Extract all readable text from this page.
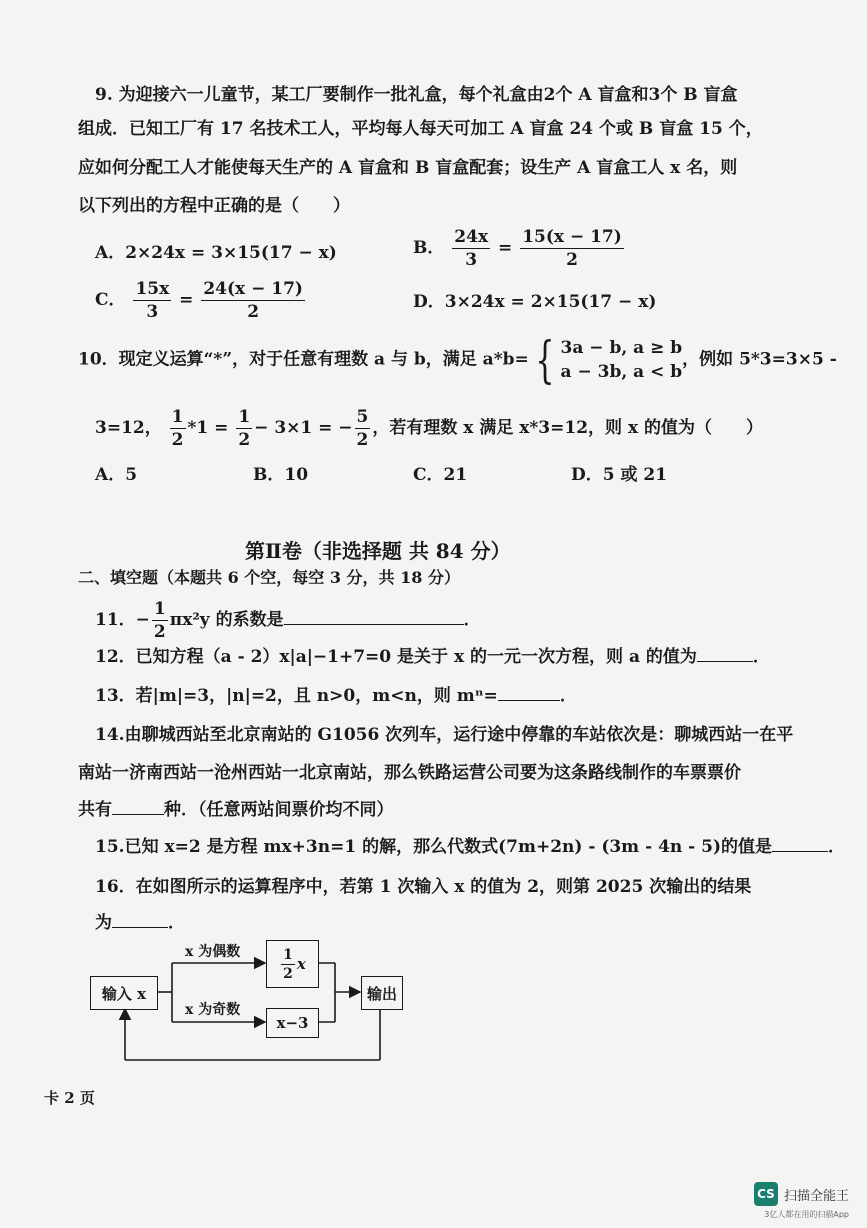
9. 为迎接六一儿童节，某工厂要制作一批礼盒，每个礼盒由2个 A 盲盒和3个 B 盲盒
组成．已知工厂有 17 名技术工人，平均每人每天可加工 A 盲盒 24 个或 B 盲盒 15 个，
应如何分配工人才能使每天生产的 A 盲盒和 B 盲盒配套；设生产 A 盲盒工人 x 名，则
以下列出的方程中正确的是（　　）
A．2×24x = 3×15(17 − x)	B． $\frac{24x}{3} = \frac{15(x - 17)}{2}$
C． $\frac{15x}{3} = \frac{24(x - 17)}{2}$	D．3×24x = 2×15(17 − x)
10．现定义运算“*”，对于任意有理数 a 与 b，满足 a*b= { 3a − b, a ≥ b
a − 3b, a < b
，例如 5*3=3×5 -
3=12， $\frac{1}{2} *1 = \frac{1}{2} - 3\times 1$ = − $\frac{5}{2}$ ，若有理数 x 满足 x*3=12，则 x 的值为（　　）
A．5	B．10	C．21	D．5 或 21
第Ⅱ卷（非选择题 共 84 分）
二、填空题（本题共 6 个空，每空 3 分，共 18 分）
11．− $\frac{1}{2} \pi x^2y$ 的系数是	．
12．已知方程（a - 2）x|a|−1+7=0 是关于 x 的一元一次方程，则 a 的值为	．
13．若|m|=3，|n|=2，且 n>0，m<n，则 mⁿ=	．
14.由聊城西站至北京南站的 G1056 次列车，运行途中停靠的车站依次是：聊城西站一在平
南站一济南西站一沧州西站一北京南站，那么铁路运营公司要为这条路线制作的车票票价
共有	种．（任意两站间票价均不同）
15.已知 x=2 是方程 mx+3n=1 的解，那么代数式(7m+2n) - (3m - 4n - 5)的值是	．
16．在如图所示的运算程序中，若第 1 次输入 x 的值为 2，则第 2025 次输出的结果
为	．
输入 x
x 为偶数
x 为奇数
$\frac{1}{2}$ x
x−3
输出
卡 2 页
CS 扫描全能王
3亿人都在用的扫描App
